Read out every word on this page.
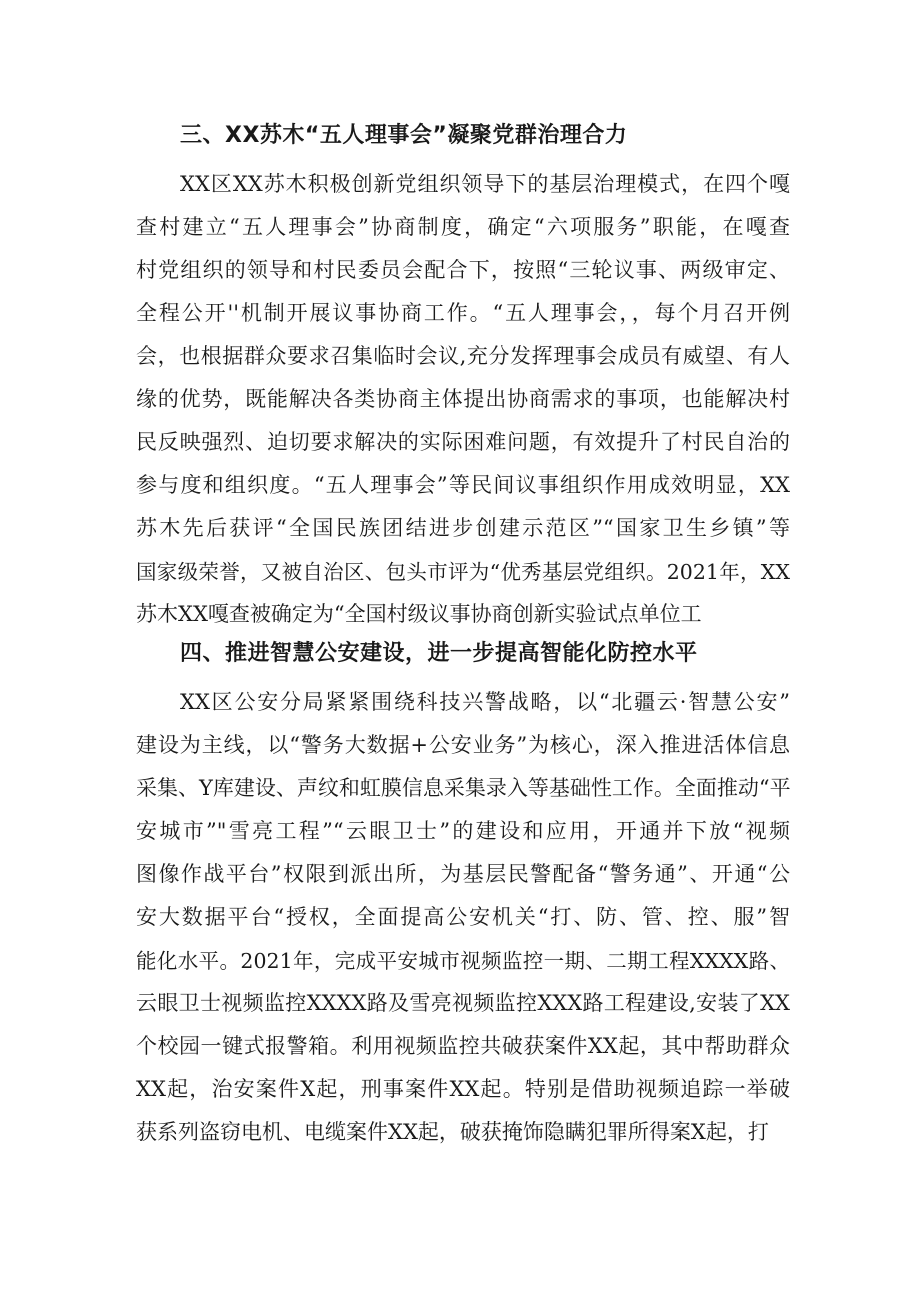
三、XX苏木“五人理事会”凝聚党群治理合力
XX区XX苏木积极创新党组织领导下的基层治理模式，在四个嘎
查村建立“五人理事会”协商制度，确定“六项服务”职能，在嘎查
村党组织的领导和村民委员会配合下，按照“三轮议事、两级审定、
全程公开''机制开展议事协商工作。“五人理事会，，每个月召开例
会，也根据群众要求召集临时会议,充分发挥理事会成员有威望、有人
缘的优势，既能解决各类协商主体提出协商需求的事项，也能解决村
民反映强烈、迫切要求解决的实际困难问题，有效提升了村民自治的
参与度和组织度。“五人理事会”等民间议事组织作用成效明显，XX
苏木先后获评“全国民族团结进步创建示范区”“国家卫生乡镇”等
国家级荣誉，又被自治区、包头市评为“优秀基层党组织。2021年，XX
苏木XX嘎查被确定为“全国村级议事协商创新实验试点单位工
四、推进智慧公安建设，进一步提高智能化防控水平
XX区公安分局紧紧围绕科技兴警战略，以“北疆云·智慧公安”
建设为主线，以“警务大数据+公安业务”为核心，深入推进活体信息
采集、Y库建设、声纹和虹膜信息采集录入等基础性工作。全面推动“平
安城市”"雪亮工程”“云眼卫士”的建设和应用，开通并下放“视频
图像作战平台”权限到派出所，为基层民警配备“警务通”、开通“公
安大数据平台“授权，全面提高公安机关“打、防、管、控、服”智
能化水平。2021年，完成平安城市视频监控一期、二期工程XXXX路、
云眼卫士视频监控XXXX路及雪亮视频监控XXX路工程建设,安装了XX
个校园一键式报警箱。利用视频监控共破获案件XX起，其中帮助群众
XX起，治安案件X起，刑事案件XX起。特别是借助视频追踪一举破
获系列盗窃电机、电缆案件XX起，破获掩饰隐瞒犯罪所得案X起，打
